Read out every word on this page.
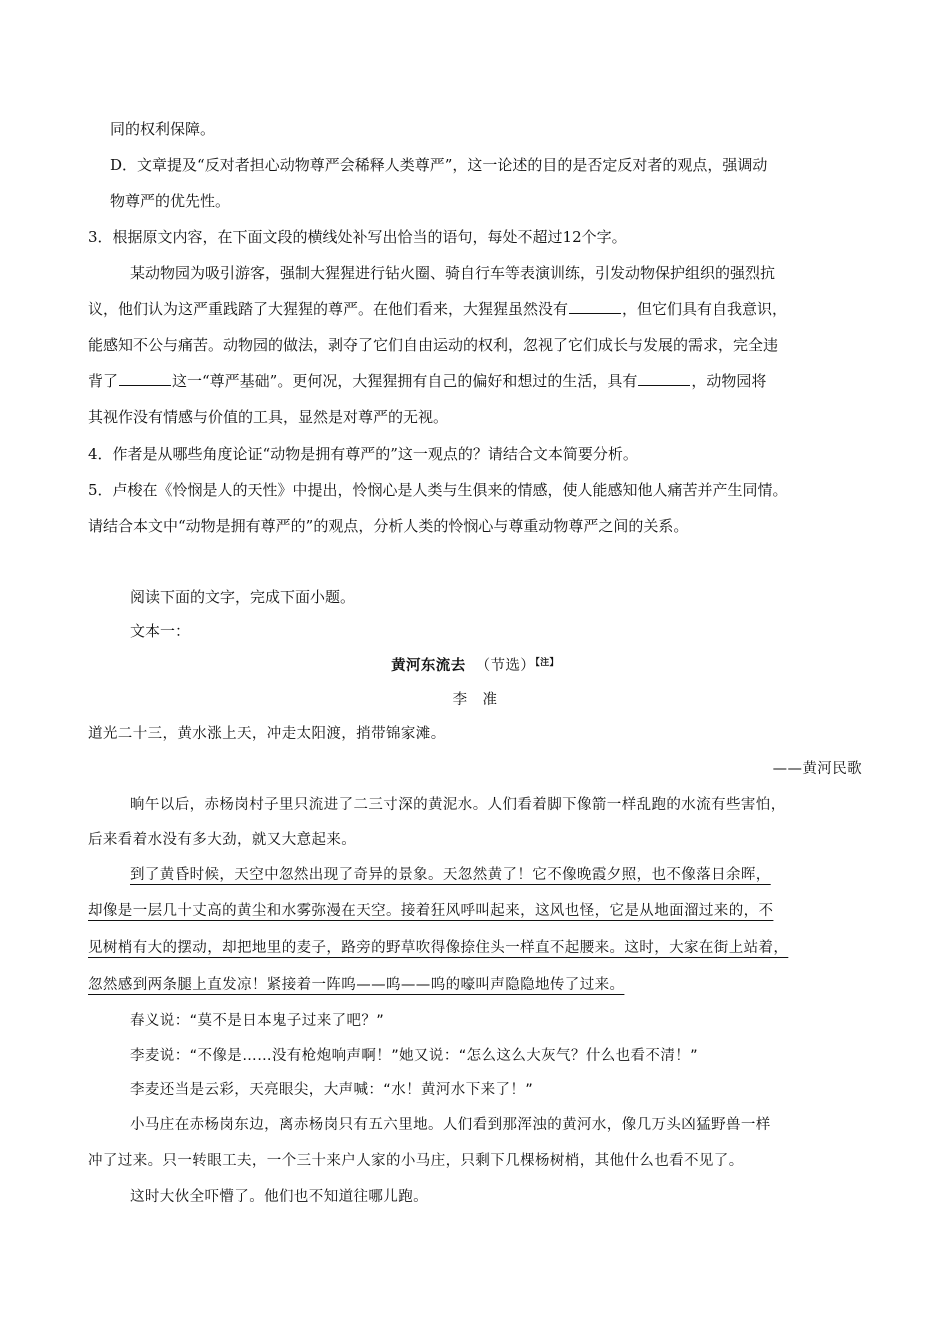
同的权利保障。
D．文章提及“反对者担心动物尊严会稀释人类尊严”，这一论述的目的是否定反对者的观点，强调动
物尊严的优先性。
3．根据原文内容，在下面文段的横线处补写出恰当的语句，每处不超过12个字。
某动物园为吸引游客，强制大猩猩进行钻火圈、骑自行车等表演训练，引发动物保护组织的强烈抗
议，他们认为这严重践踏了大猩猩的尊严。在他们看来，大猩猩虽然没有	，但它们具有自我意识，
能感知不公与痛苦。动物园的做法，剥夺了它们自由运动的权利，忽视了它们成长与发展的需求，完全违
背了	这一“尊严基础”。更何况，大猩猩拥有自己的偏好和想过的生活，具有	，动物园将
其视作没有情感与价值的工具，显然是对尊严的无视。
4．作者是从哪些角度论证“动物是拥有尊严的”这一观点的？请结合文本简要分析。
5．卢梭在《怜悯是人的天性》中提出，怜悯心是人类与生俱来的情感，使人能感知他人痛苦并产生同情。
请结合本文中“动物是拥有尊严的”的观点，分析人类的怜悯心与尊重动物尊严之间的关系。
阅读下面的文字，完成下面小题。
文本一：
黄河东流去 （节选）$^{【注】}$
李　准
道光二十三，黄水涨上天，冲走太阳渡，捎带锦家滩。
——黄河民歌
晌午以后，赤杨岗村子里只流进了二三寸深的黄泥水。人们看着脚下像箭一样乱跑的水流有些害怕，
后来看着水没有多大劲，就又大意起来。
到了黄昏时候，天空中忽然出现了奇异的景象。天忽然黄了！它不像晚霞夕照，也不像落日余晖，
却像是一层几十丈高的黄尘和水雾弥漫在天空。接着狂风呼叫起来，这风也怪，它是从地面溜过来的，不
见树梢有大的摆动，却把地里的麦子，路旁的野草吹得像捺住头一样直不起腰来。这时，大家在街上站着，
忽然感到两条腿上直发凉！紧接着一阵呜——呜——呜的嚎叫声隐隐地传了过来。
春义说：“莫不是日本鬼子过来了吧？”
李麦说：“不像是……没有枪炮响声啊！”她又说：“怎么这么大灰气？什么也看不清！”
李麦还当是云彩，天亮眼尖，大声喊：“水！黄河水下来了！”
小马庄在赤杨岗东边，离赤杨岗只有五六里地。人们看到那浑浊的黄河水，像几万头凶猛野兽一样
冲了过来。只一转眼工夫，一个三十来户人家的小马庄，只剩下几棵杨树梢，其他什么也看不见了。
这时大伙全吓懵了。他们也不知道往哪儿跑。
